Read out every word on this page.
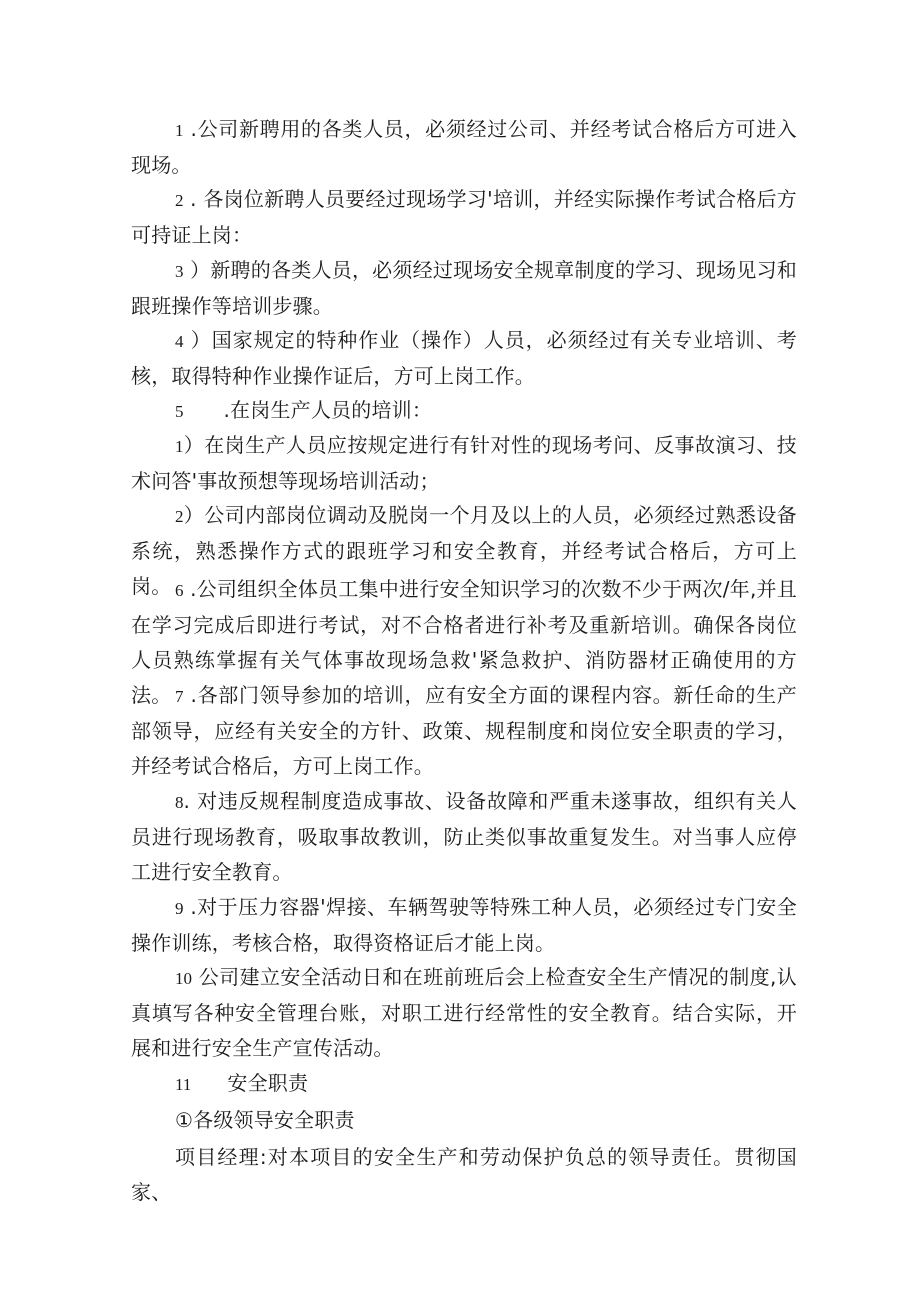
1 .公司新聘用的各类人员，必须经过公司、并经考试合格后方可进入现场。

2 . 各岗位新聘人员要经过现场学习'培训，并经实际操作考试合格后方可持证上岗：

3 ）新聘的各类人员，必须经过现场安全规章制度的学习、现场见习和跟班操作等培训步骤。

4 ）国家规定的特种作业（操作）人员，必须经过有关专业培训、考核，取得特种作业操作证后，方可上岗工作。

5 .在岗生产人员的培训：

1）在岗生产人员应按规定进行有针对性的现场考问、反事故演习、技术问答'事故预想等现场培训活动；

2）公司内部岗位调动及脱岗一个月及以上的人员，必须经过熟悉设备系统，熟悉操作方式的跟班学习和安全教育，并经考试合格后，方可上岗。 6 .公司组织全体员工集中进行安全知识学习的次数不少于两次/年,并且在学习完成后即进行考试，对不合格者进行补考及重新培训。确保各岗位人员熟练掌握有关气体事故现场急救'紧急救护、消防器材正确使用的方法。 7 .各部门领导参加的培训，应有安全方面的课程内容。新任命的生产部领导，应经有关安全的方针、政策、规程制度和岗位安全职责的学习，并经考试合格后，方可上岗工作。

8. 对违反规程制度造成事故、设备故障和严重未遂事故，组织有关人员进行现场教育，吸取事故教训，防止类似事故重复发生。对当事人应停工进行安全教育。

9 .对于压力容器'焊接、车辆驾驶等特殊工种人员，必须经过专门安全操作训练，考核合格，取得资格证后才能上岗。

10 公司建立安全活动日和在班前班后会上检查安全生产情况的制度,认真填写各种安全管理台账，对职工进行经常性的安全教育。结合实际，开展和进行安全生产宣传活动。

11 安全职责

①各级领导安全职责

项目经理:对本项目的安全生产和劳动保护负总的领导责任。贯彻国家、
